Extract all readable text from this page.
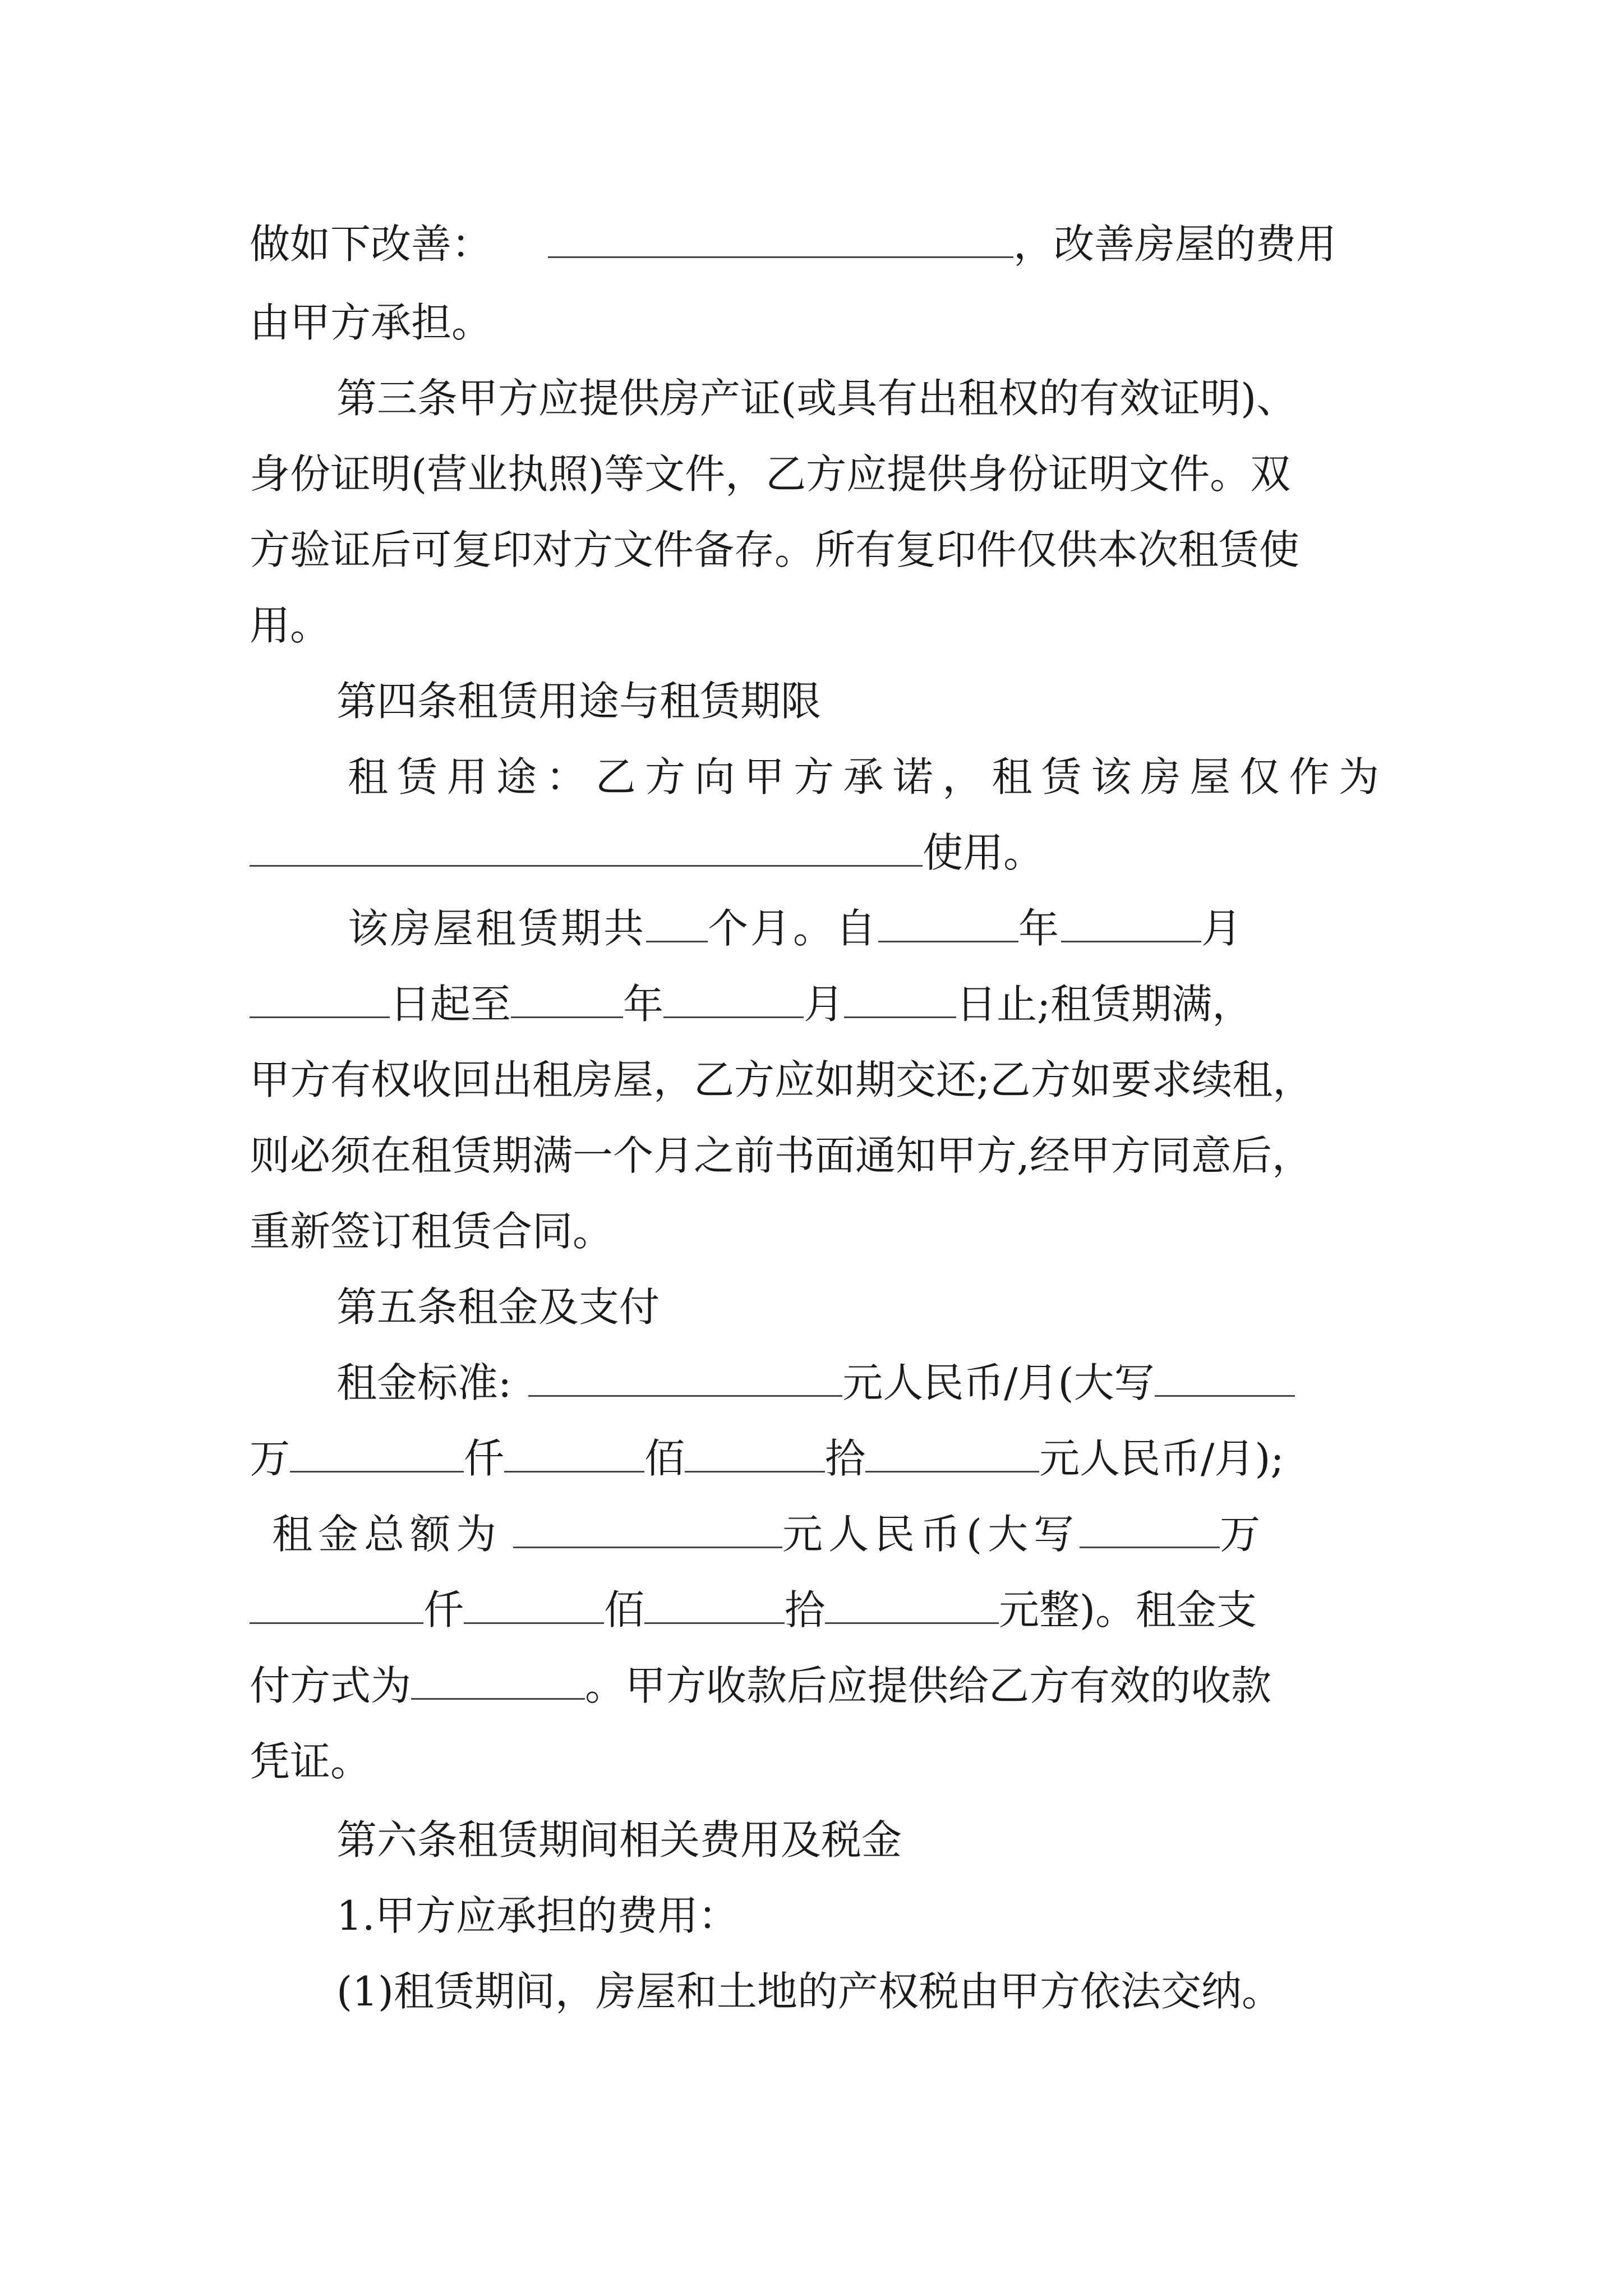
做如下改善：	，改善房屋的费用
由甲方承担。
第三条甲方应提供房产证(或具有出租权的有效证明)、
身份证明(营业执照)等文件，乙方应提供身份证明文件。双
方验证后可复印对方文件备存。所有复印件仅供本次租赁使
用。
第四条租赁用途与租赁期限
租赁用途：乙方向甲方承诺，租赁该房屋仅作为
使用。
该房屋租赁期共 个月。自	年	月
日起至	年	月	日止;租赁期满，
甲方有权收回出租房屋，乙方应如期交还;乙方如要求续租，
则必须在租赁期满一个月之前书面通知甲方,经甲方同意后，
重新签订租赁合同。
第五条租金及支付
租金标准:	元人民币/月(大写
万	仟	佰	拾	元人民币/月);
租金总额为	元人民币(大写	万
仟	佰	拾	元整)。租金支
付方式为	。甲方收款后应提供给乙方有效的收款
凭证。
第六条租赁期间相关费用及税金
1.甲方应承担的费用：
(1)租赁期间，房屋和土地的产权税由甲方依法交纳。
